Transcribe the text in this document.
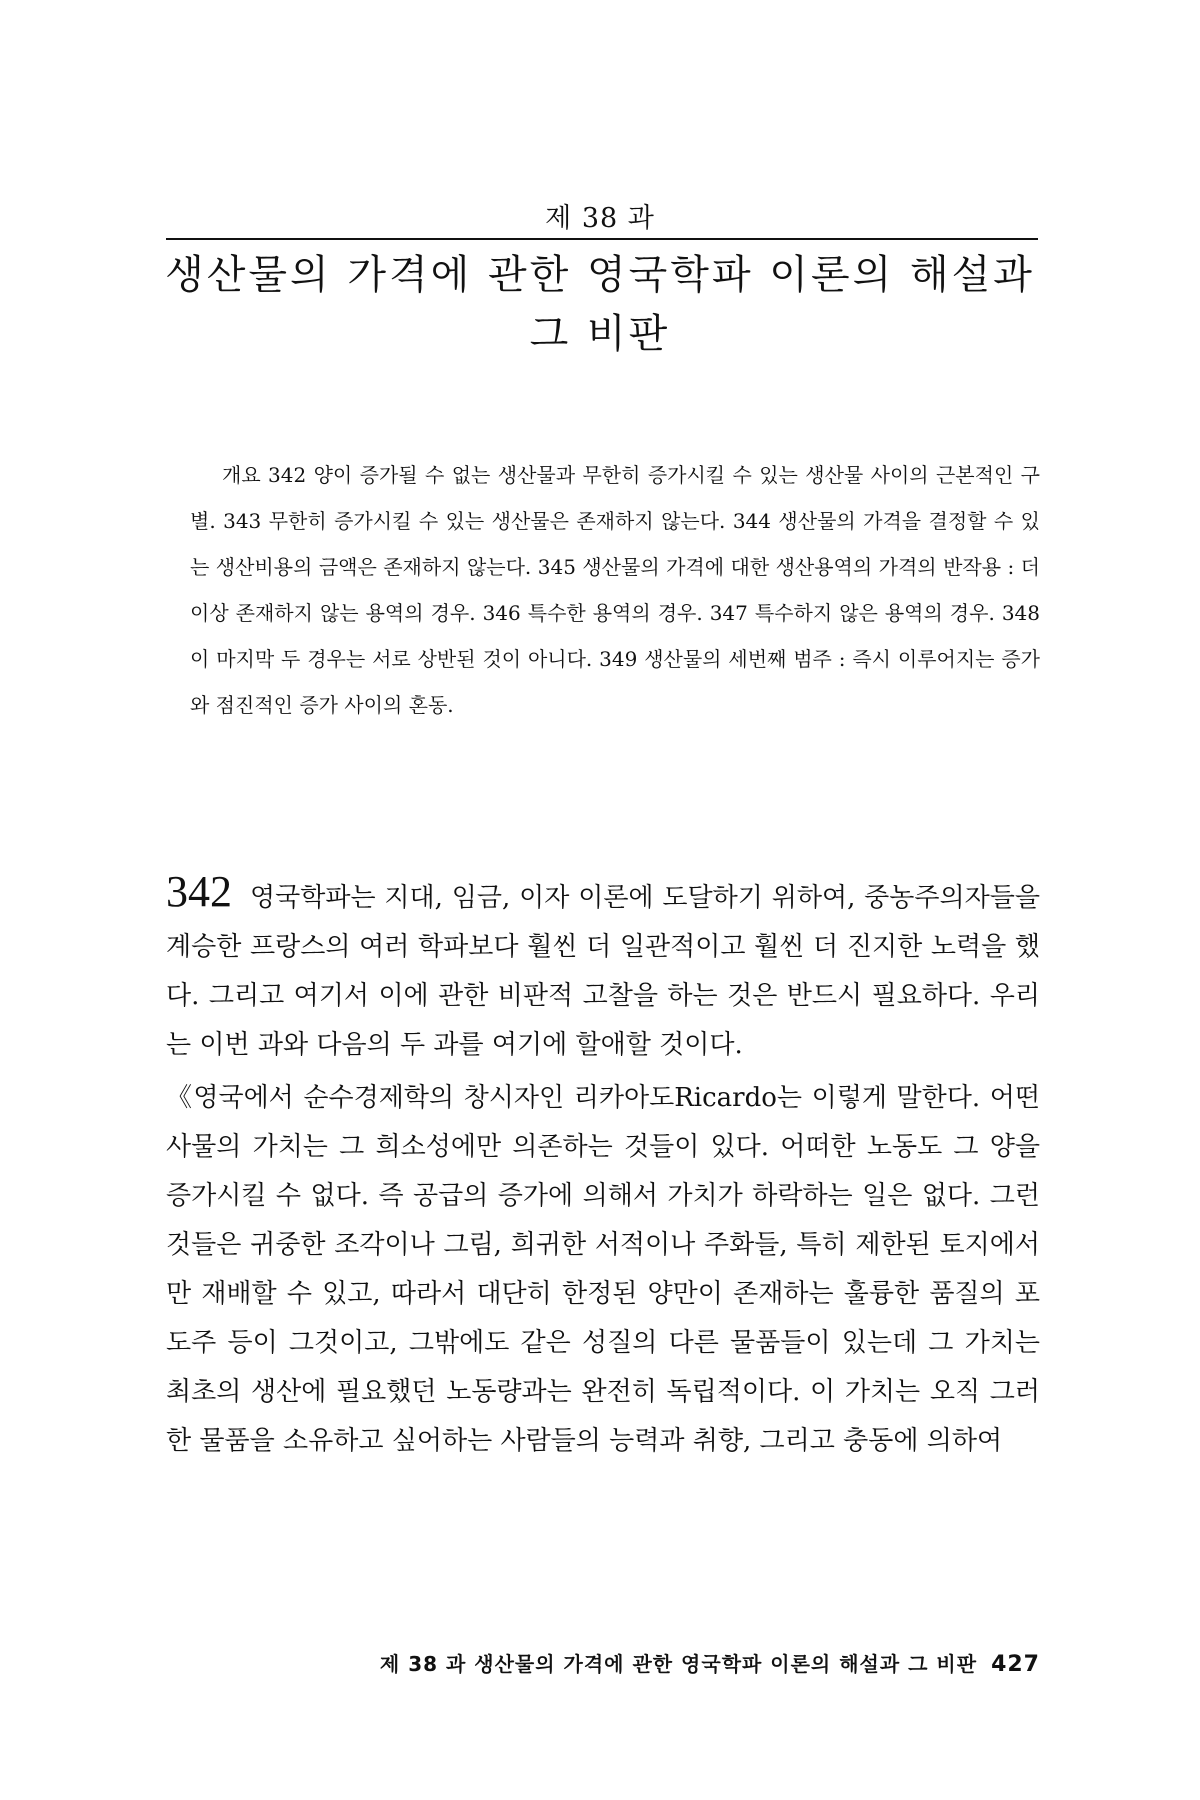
제 38 과
생산물의 가격에 관한 영국학파 이론의 해설과
그 비판

개요 342 양이 증가될 수 없는 생산물과 무한히 증가시킬 수 있는 생산물 사이의 근본적인 구별. 343 무한히 증가시킬 수 있는 생산물은 존재하지 않는다. 344 생산물의 가격을 결정할 수 있는 생산비용의 금액은 존재하지 않는다. 345 생산물의 가격에 대한 생산용역의 가격의 반작용 : 더 이상 존재하지 않는 용역의 경우. 346 특수한 용역의 경우. 347 특수하지 않은 용역의 경우. 348 이 마지막 두 경우는 서로 상반된 것이 아니다. 349 생산물의 세번째 범주 : 즉시 이루어지는 증가와 점진적인 증가 사이의 혼동.

342 영국학파는 지대, 임금, 이자 이론에 도달하기 위하여, 중농주의자들을 계승한 프랑스의 여러 학파보다 훨씬 더 일관적이고 훨씬 더 진지한 노력을 했다. 그리고 여기서 이에 관한 비판적 고찰을 하는 것은 반드시 필요하다. 우리는 이번 과와 다음의 두 과를 여기에 할애할 것이다.

《영국에서 순수경제학의 창시자인 리카아도Ricardo는 이렇게 말한다. 어떤 사물의 가치는 그 희소성에만 의존하는 것들이 있다. 어떠한 노동도 그 양을 증가시킬 수 없다. 즉 공급의 증가에 의해서 가치가 하락하는 일은 없다. 그런 것들은 귀중한 조각이나 그림, 희귀한 서적이나 주화들, 특히 제한된 토지에서만 재배할 수 있고, 따라서 대단히 한정된 양만이 존재하는 훌륭한 품질의 포도주 등이 그것이고, 그밖에도 같은 성질의 다른 물품들이 있는데 그 가치는 최초의 생산에 필요했던 노동량과는 완전히 독립적이다. 이 가치는 오직 그러한 물품을 소유하고 싶어하는 사람들의 능력과 취향, 그리고 충동에 의하여

제 38 과 생산물의 가격에 관한 영국학파 이론의 해설과 그 비판 427
